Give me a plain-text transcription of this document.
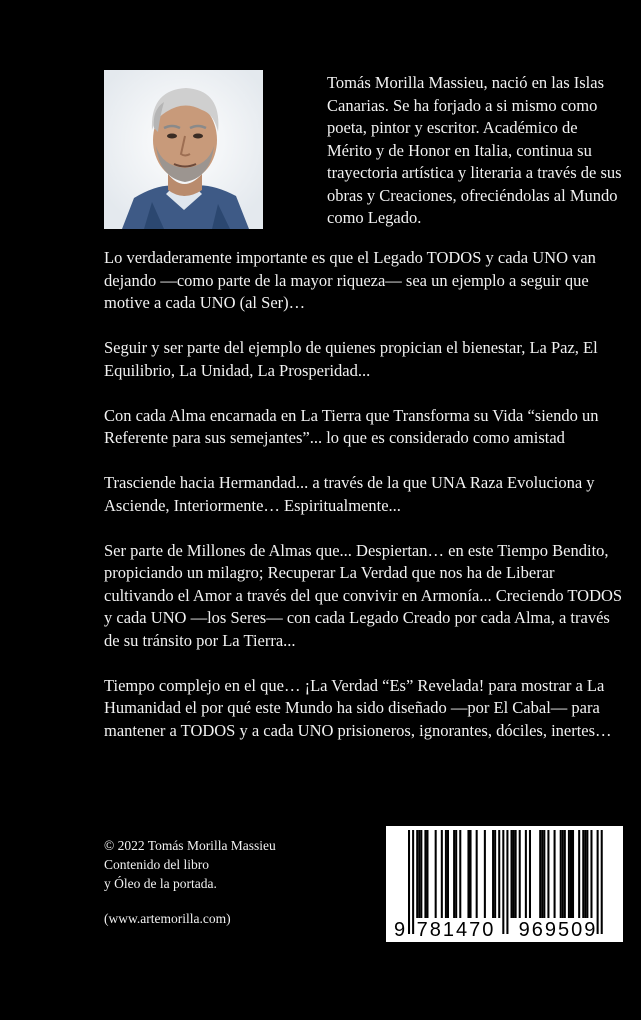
Tomás Morilla Massieu, nació en las Islas Canarias. Se ha forjado a si mismo como poeta, pintor y escritor. Académico de Mérito y de Honor en Italia, continua su trayectoria artística y literaria a través de sus obras y Creaciones, ofreciéndolas al Mundo como Legado.

Lo verdaderamente importante es que el Legado TODOS y cada UNO van dejando —como parte de la mayor riqueza— sea un ejemplo a seguir que motive a cada UNO (al Ser)…

Seguir y ser parte del ejemplo de quienes propician el bienestar, La Paz, El Equilibrio, La Unidad, La Prosperidad...

Con cada Alma encarnada en La Tierra que Transforma su Vida “siendo un Referente para sus semejantes”... lo que es considerado como amistad

Trasciende hacia Hermandad... a través de la que UNA Raza Evoluciona y Asciende, Interiormente… Espiritualmente...

Ser parte de Millones de Almas que... Despiertan… en este Tiempo Bendito, propiciando un milagro; Recuperar La Verdad que nos ha de Liberar cultivando el Amor a través del que convivir en Armonía... Creciendo TODOS y cada UNO —los Seres— con cada Legado Creado por cada Alma, a través de su tránsito por La Tierra...

Tiempo complejo en el que… ¡La Verdad “Es” Revelada! para mostrar a La Humanidad el por qué este Mundo ha sido diseñado —por El Cabal— para mantener a TODOS y a cada UNO prisioneros, ignorantes, dóciles, inertes…

© 2022 Tomás Morilla Massieu
Contenido del libro
y Óleo de la portada.
(www.artemorilla.com)
9 781470 969509
